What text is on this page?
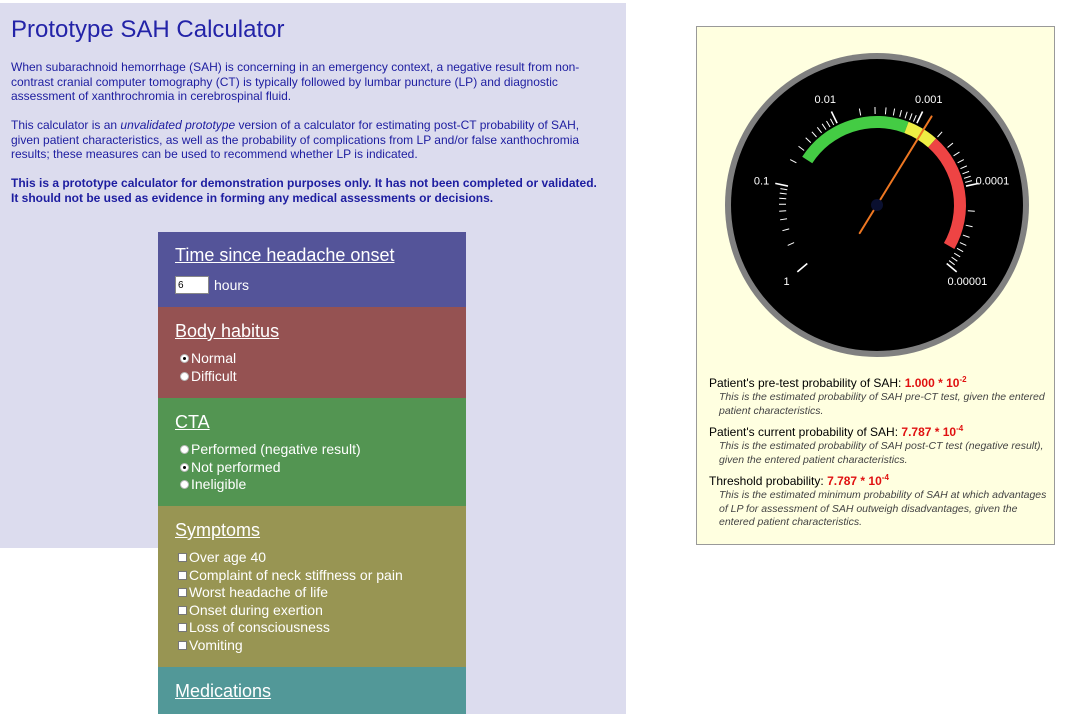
Prototype SAH Calculator

When subarachnoid hemorrhage (SAH) is concerning in an emergency context, a negative result from non-contrast cranial computer tomography (CT) is typically followed by lumbar puncture (LP) and diagnostic assessment of xanthrochromia in cerebrospinal fluid.

This calculator is an unvalidated prototype version of a calculator for estimating post-CT probability of SAH, given patient characteristics, as well as the probability of complications from LP and/or false xanthochromia results; these measures can be used to recommend whether LP is indicated.

This is a prototype calculator for demonstration purposes only. It has not been completed or validated. It should not be used as evidence in forming any medical assessments or decisions.

Time since headache onset
6
hours
Body habitus
Normal
Difficult
CTA
Performed (negative result)
Not performed
Ineligible
Symptoms
Over age 40
Complaint of neck stiffness or pain
Worst headache of life
Onset during exertion
Loss of consciousness
Vomiting
Medications
1
0.1
0.01	0.001
0.0001
0.00001
Patient's pre-test probability of SAH: $1.000 * 10^{-2}$
This is the estimated probability of SAH pre-CT test, given the entered patient characteristics.
Patient's current probability of SAH: $7.787 * 10^{-4}$
This is the estimated probability of SAH post-CT test (negative result), given the entered patient characteristics.
Threshold probability: $7.787 * 10^{-4}$
This is the estimated minimum probability of SAH at which advantages of LP for assessment of SAH outweigh disadvantages, given the entered patient characteristics.
